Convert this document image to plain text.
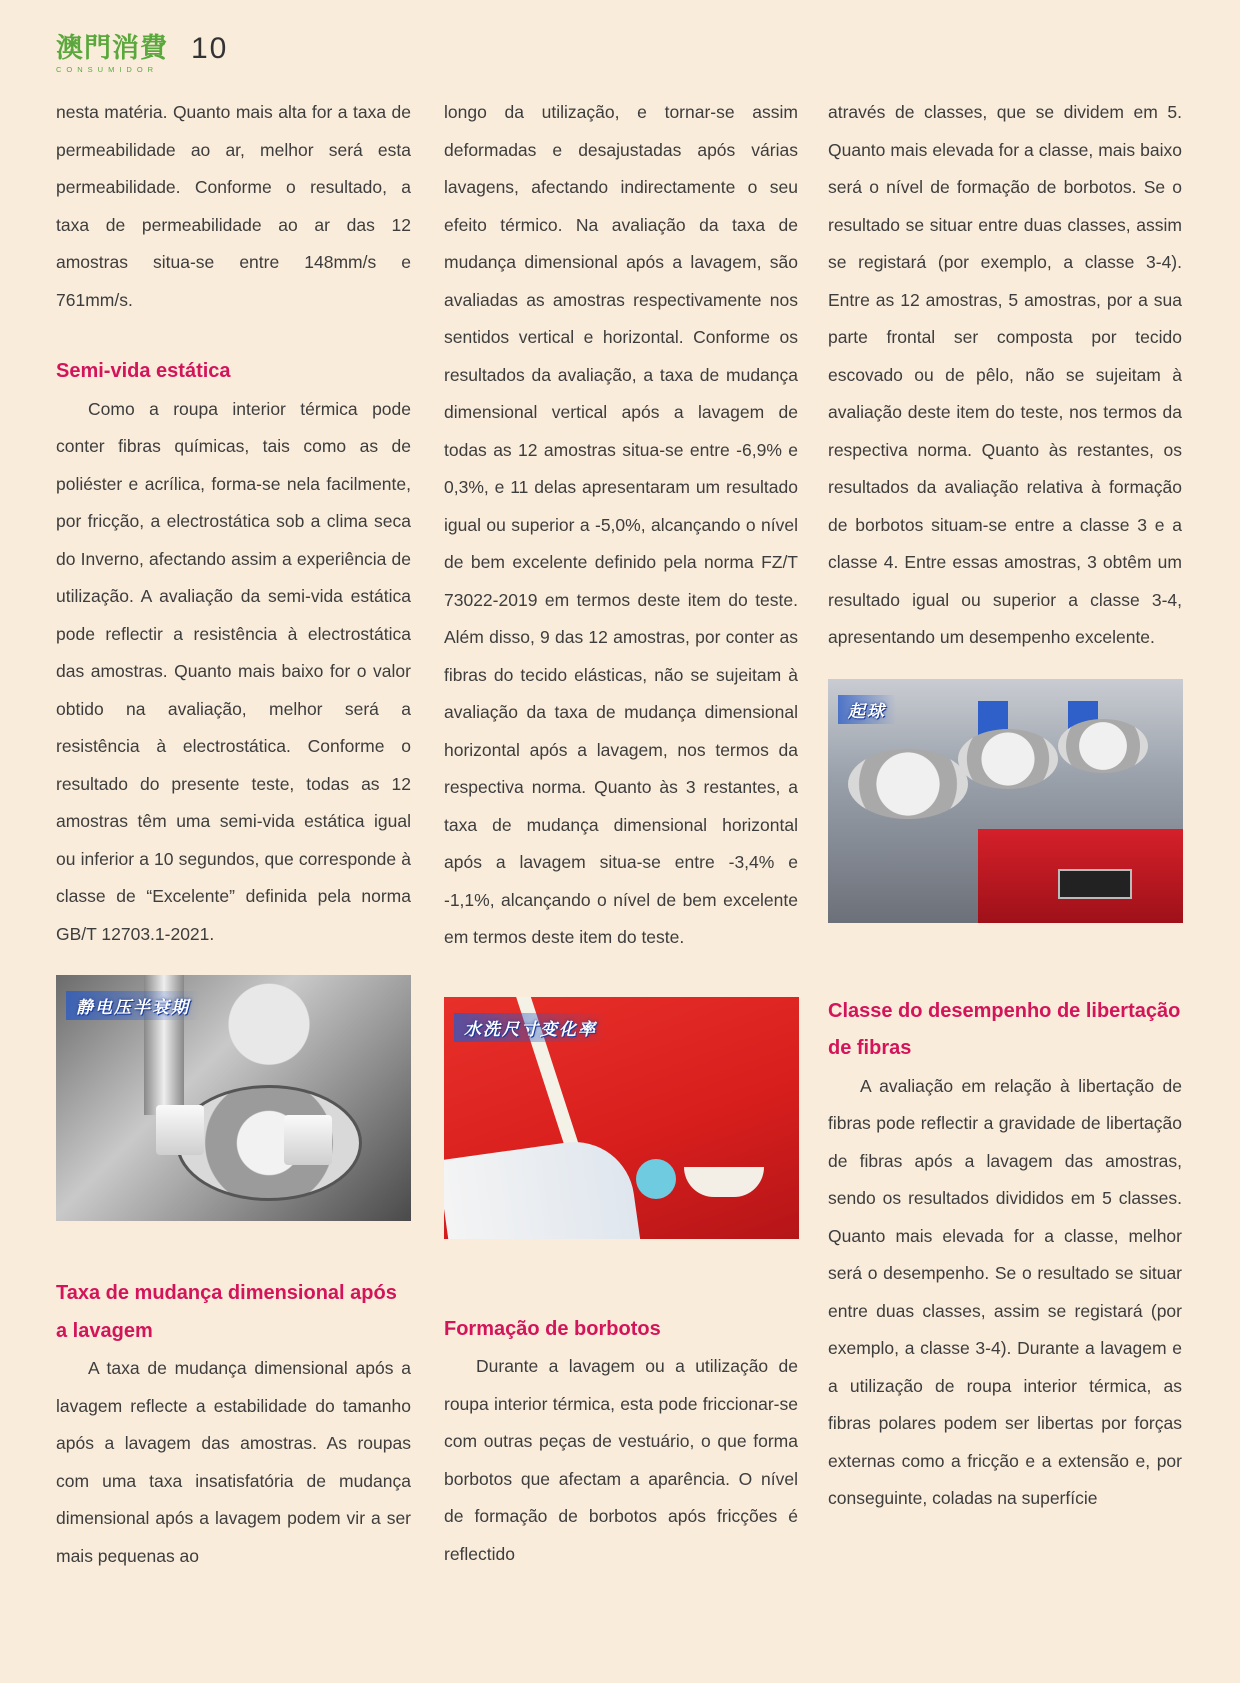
澳門消費
CONSUMIDOR
10

nesta matéria. Quanto mais alta for a taxa de permeabilidade ao ar, melhor será esta permeabilidade. Conforme o resultado, a taxa de permeabilidade ao ar das 12 amostras situa-se entre 148mm/s e 761mm/s.

Semi-vida estática

Como a roupa interior térmica pode conter fibras químicas, tais como as de poliéster e acrílica, forma-se nela facilmente, por fricção, a electrostática sob a clima seca do Inverno, afectando assim a experiência de utilização. A avaliação da semi-vida estática pode reflectir a resistência à electrostática das amostras. Quanto mais baixo for o valor obtido na avaliação, melhor será a resistência à electrostática. Conforme o resultado do presente teste, todas as 12 amostras têm uma semi-vida estática igual ou inferior a 10 segundos, que corresponde à classe de “Excelente” definida pela norma GB/T 12703.1-2021.

静电压半衰期
Taxa de mudança dimensional após a lavagem

A taxa de mudança dimensional após a lavagem reflecte a estabilidade do tamanho após a lavagem das amostras. As roupas com uma taxa insatisfatória de mudança dimensional após a lavagem podem vir a ser mais pequenas ao

longo da utilização, e tornar-se assim deformadas e desajustadas após várias lavagens, afectando indirectamente o seu efeito térmico. Na avaliação da taxa de mudança dimensional após a lavagem, são avaliadas as amostras respectivamente nos sentidos vertical e horizontal. Conforme os resultados da avaliação, a taxa de mudança dimensional vertical após a lavagem de todas as 12 amostras situa-se entre -6,9% e 0,3%, e 11 delas apresentaram um resultado igual ou superior a -5,0%, alcançando o nível de bem excelente definido pela norma FZ/T 73022-2019 em termos deste item do teste. Além disso, 9 das 12 amostras, por conter as fibras do tecido elásticas, não se sujeitam à avaliação da taxa de mudança dimensional horizontal após a lavagem, nos termos da respectiva norma. Quanto às 3 restantes, a taxa de mudança dimensional horizontal após a lavagem situa-se entre -3,4% e -1,1%, alcançando o nível de bem excelente em termos deste item do teste.

水洗尺寸变化率
Formação de borbotos

Durante a lavagem ou a utilização de roupa interior térmica, esta pode friccionar-se com outras peças de vestuário, o que forma borbotos que afectam a aparência. O nível de formação de borbotos após fricções é reflectido

através de classes, que se dividem em 5. Quanto mais elevada for a classe, mais baixo será o nível de formação de borbotos. Se o resultado se situar entre duas classes, assim se registará (por exemplo, a classe 3-4). Entre as 12 amostras, 5 amostras, por a sua parte frontal ser composta por tecido escovado ou de pêlo, não se sujeitam à avaliação deste item do teste, nos termos da respectiva norma. Quanto às restantes, os resultados da avaliação relativa à formação de borbotos situam-se entre a classe 3 e a classe 4. Entre essas amostras, 3 obtêm um resultado igual ou superior a classe 3-4, apresentando um desempenho excelente.

起球
Classe do desempenho de libertação de fibras

A avaliação em relação à libertação de fibras pode reflectir a gravidade de libertação de fibras após a lavagem das amostras, sendo os resultados divididos em 5 classes. Quanto mais elevada for a classe, melhor será o desempenho. Se o resultado se situar entre duas classes, assim se registará (por exemplo, a classe 3-4). Durante a lavagem e a utilização de roupa interior térmica, as fibras polares podem ser libertas por forças externas como a fricção e a extensão e, por conseguinte, coladas na superfície
